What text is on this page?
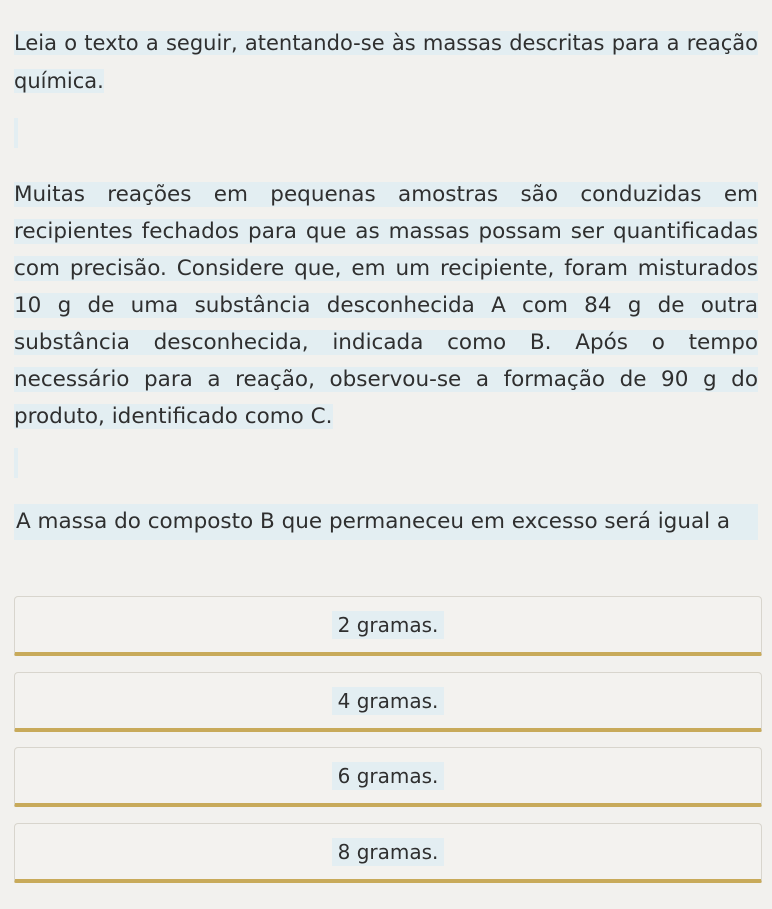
Leia o texto a seguir, atentando-se às massas descritas para a reação química.
Muitas reações em pequenas amostras são conduzidas em recipientes fechados para que as massas possam ser quantificadas com precisão. Considere que, em um recipiente, foram misturados 10 g de uma substância desconhecida A com 84 g de outra substância desconhecida, indicada como B. Após o tempo necessário para a reação, observou-se a formação de 90 g do produto, identificado como C.
A massa do composto B que permaneceu em excesso será igual a
2 gramas.
4 gramas.
6 gramas.
8 gramas.
